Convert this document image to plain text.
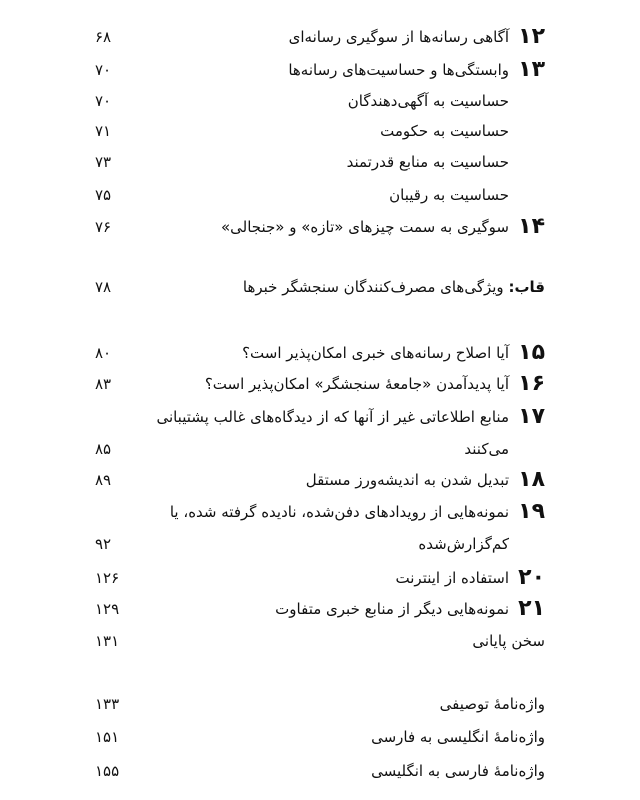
۱۲
آگاهی رسانه‌ها از سوگیری رسانه‌ای
۶۸
۱۳
وابستگی‌ها و حساسیت‌های رسانه‌ها
۷۰
حساسیت به آگهی‌دهندگان
۷۰
حساسیت به حکومت
۷۱
حساسیت به منابع قدرتمند
۷۳
حساسیت به رقیبان
۷۵
۱۴
سوگیری به سمت چیزهای «تازه» و «جنجالی»
۷۶
قاب: ویژگی‌های مصرف‌کنندگان سنجشگر خبرها
۷۸
۱۵
آیا اصلاح رسانه‌های خبری امکان‌پذیر است؟
۸۰
۱۶
آیا پدیدآمدن «جامعهٔ سنجشگر» امکان‌پذیر است؟
۸۳
۱۷
منابع اطلاعاتی غیر از آنها که از دیدگاه‌های غالب پشتیبانی
می‌کنند
۸۵
۱۸
تبدیل شدن به اندیشه‌ورز مستقل
۸۹
۱۹
نمونه‌هایی از رویدادهای دفن‌شده، نادیده گرفته شده، یا
کم‌گزارش‌شده
۹۲
۲۰
استفاده از اینترنت
۱۲۶
۲۱
نمونه‌هایی دیگر از منابع خبری متفاوت
۱۲۹
سخن پایانی
۱۳۱
واژه‌نامهٔ توصیفی
۱۳۳
واژه‌نامهٔ انگلیسی به فارسی
۱۵۱
واژه‌نامهٔ فارسی به انگلیسی
۱۵۵
